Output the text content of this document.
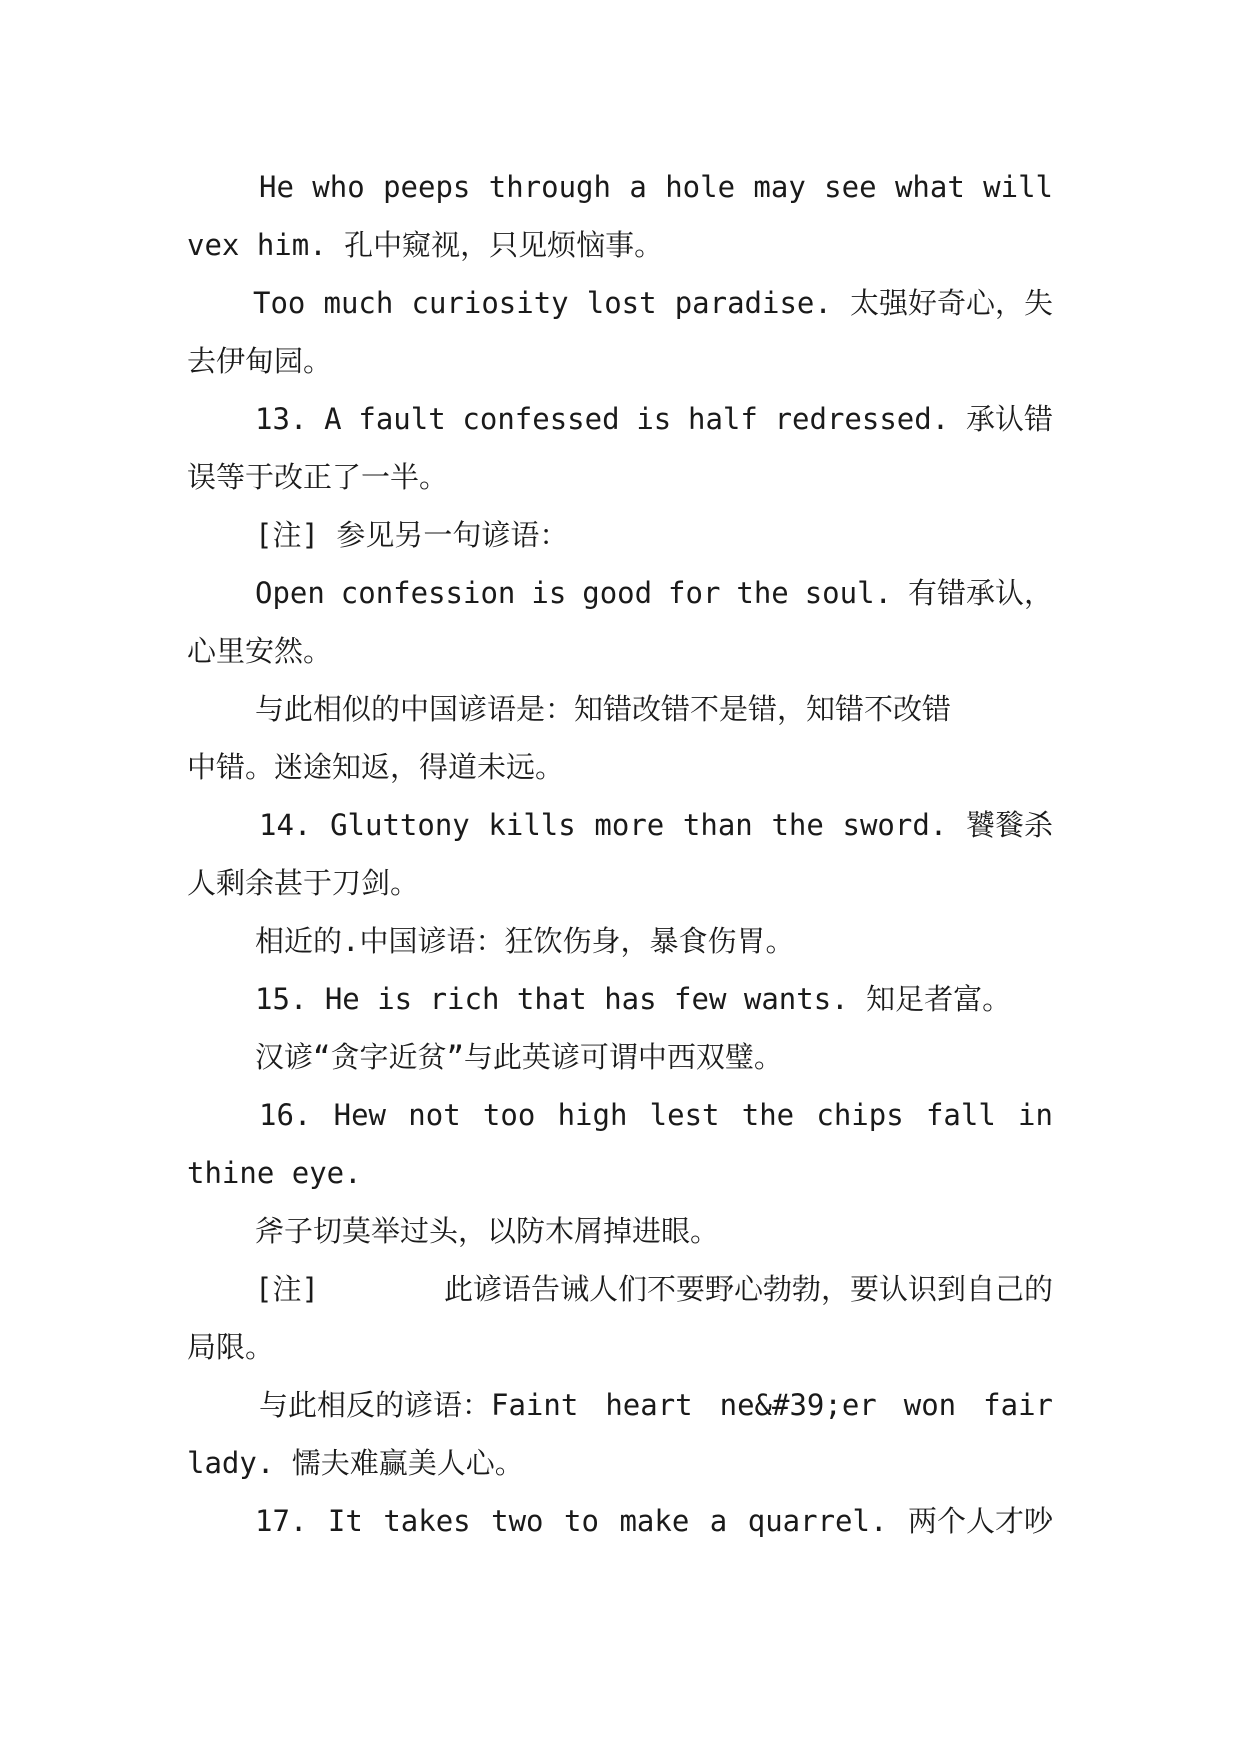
He who peeps through a hole may see what will
vex him. 孔中窥视，只见烦恼事。
Too much curiosity lost paradise. 太强好奇心，失
去伊甸园。
13. A fault confessed is half redressed. 承认错
误等于改正了一半。
[注] 参见另一句谚语：
Open confession is good for the soul. 有错承认，
心里安然。
与此相似的中国谚语是：知错改错不是错，知错不改错
中错。迷途知返，得道未远。
14. Gluttony kills more than the sword. 饕餮杀
人剩余甚于刀剑。
相近的.中国谚语：狂饮伤身，暴食伤胃。
15. He is rich that has few wants. 知足者富。
汉谚“贪字近贫”与此英谚可谓中西双璧。
16. Hew not too high lest the chips fall in
thine eye.
斧子切莫举过头，以防木屑掉进眼。
[注]	此谚语告诫人们不要野心勃勃，要认识到自己的
局限。
与此相反的谚语：Faint heart ne&#39;er won fair
lady. 懦夫难赢美人心。
17. It takes two to make a quarrel. 两个人才吵
